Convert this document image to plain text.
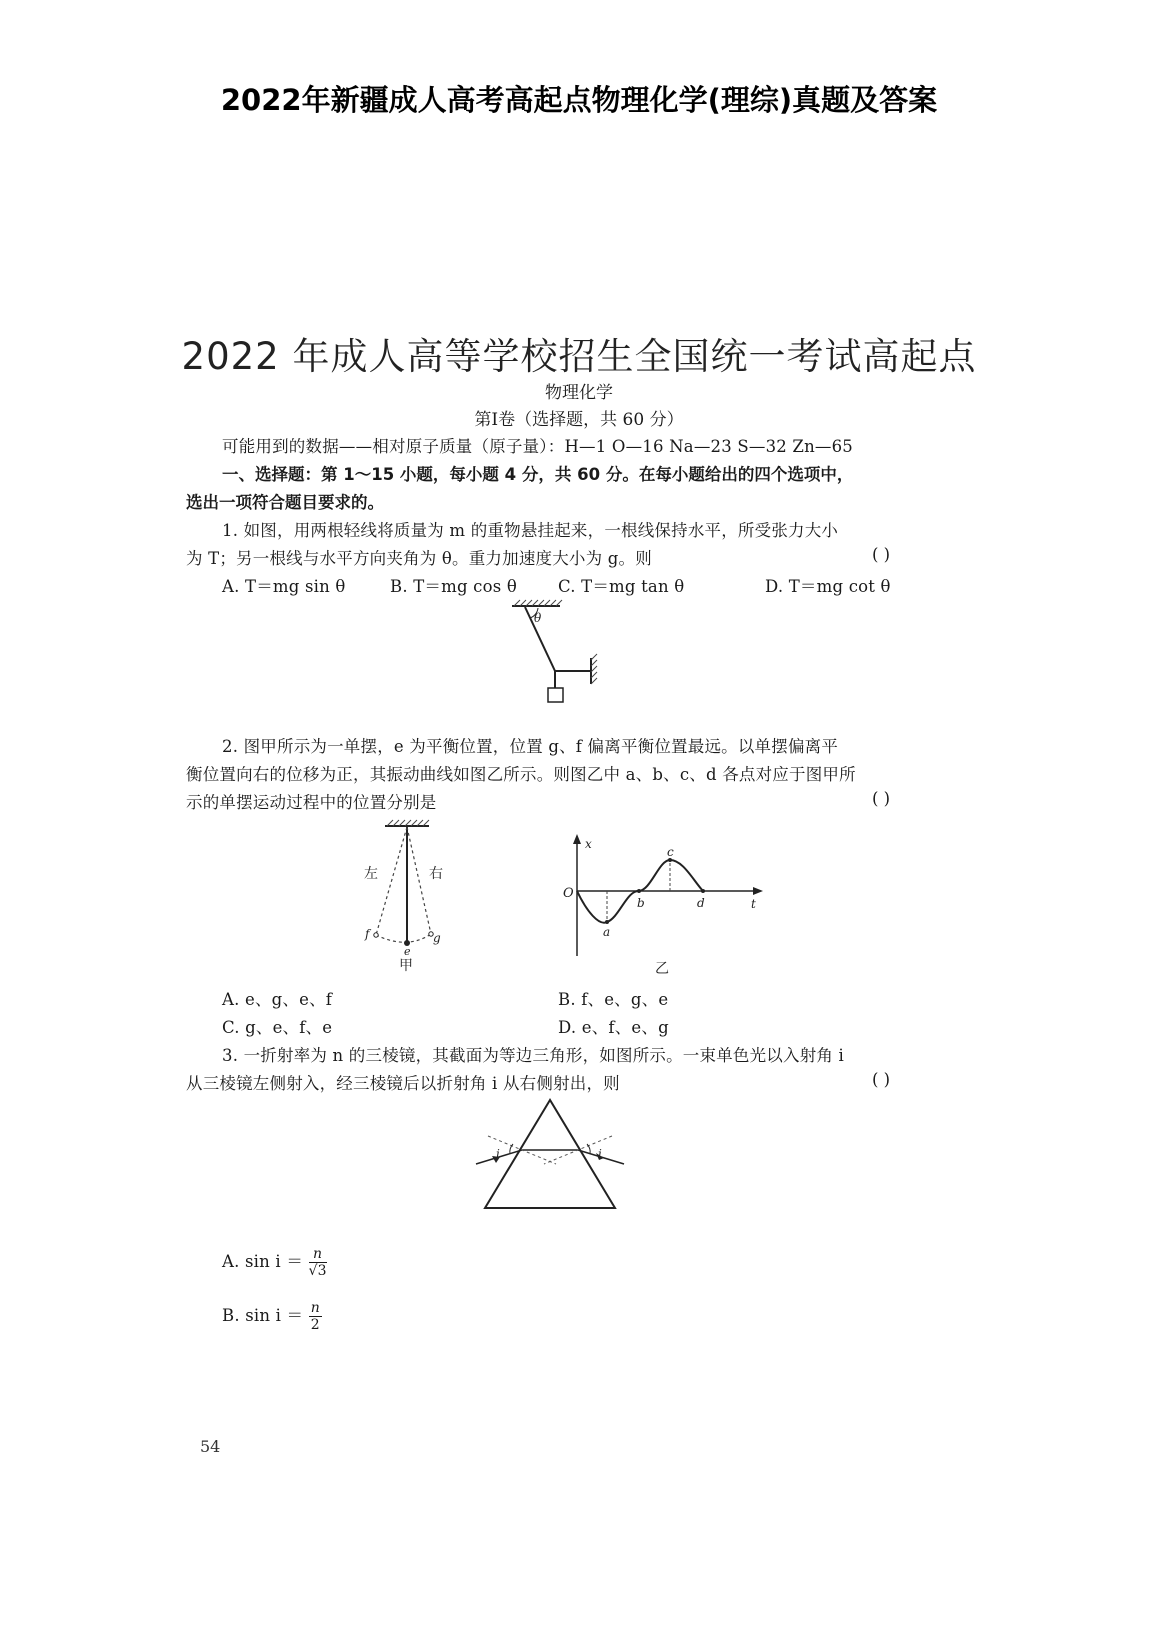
2022年新疆成人高考高起点物理化学(理综)真题及答案
2022 年成人高等学校招生全国统一考试高起点
物理化学
第Ⅰ卷（选择题，共 60 分）
可能用到的数据——相对原子质量（原子量）：H—1 O—16 Na—23 S—32 Zn—65
一、选择题：第 1～15 小题，每小题 4 分，共 60 分。在每小题给出的四个选项中，
选出一项符合题目要求的。
1. 如图，用两根轻线将质量为 m 的重物悬挂起来，一根线保持水平，所受张力大小
为 T；另一根线与水平方向夹角为 θ。重力加速度大小为 g。则	( )
A. T＝mg sin θ	B. T＝mg cos θ C. T＝mg tan θ	D. T＝mg cot θ
θ
2. 图甲所示为一单摆，e 为平衡位置，位置 g、f 偏离平衡位置最远。以单摆偏离平
衡位置向右的位移为正，其振动曲线如图乙所示。则图乙中 a、b、c、d 各点对应于图甲所
示的单摆运动过程中的位置分别是	( )
左	右
f
e
g
甲
x
t
O
a
b
c
d
乙
A. e、g、e、f	B. f、e、g、e
C. g、e、f、e	D. e、f、e、g
3. 一折射率为 n 的三棱镜，其截面为等边三角形，如图所示。一束单色光以入射角 i
从三棱镜左侧射入，经三棱镜后以折射角 i 从右侧射出，则	( )
i	i
A. $\sin i = \frac{n}{√3}$
B. $\sin i = \frac{n}{2}$
54
